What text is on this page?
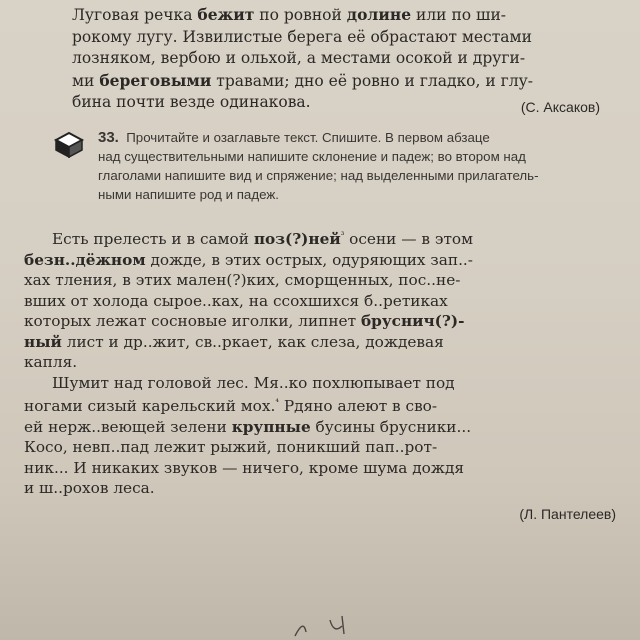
Луговая речка бежит по ровной долине или по ши-
рокому лугу. Извилистые берега её обрастают местами
лозняком, вербою и ольхой, а местами осокой и други-
ми береговыми травами; дно её ровно и гладко, и глу-
бина почти везде одинакова.	(С. Аксаков)
33. Прочитайте и озаглавьте текст. Спишите. В первом абзаце
над существительными напишите склонение и падеж; во втором над
глаголами напишите вид и спряжение; над выделенными прилагатель-
ными напишите род и падеж.
Есть прелесть и в самой поз(?)ней$^{^3}$ осени — в этом
безн..дёжном дожде, в этих острых, одуряющих зап..-
хах тления, в этих мален(?)ких, сморщенных, пос..не-
вших от холода сырое..ках, на ссохшихся б..ретиках
которых лежат сосновые иголки, липнет бруснич(?)-
ный лист и др..жит, св..ркает, как слеза, дождевая
капля.
Шумит над головой лес. Мя..ко похлюпывает под
ногами сизый карельский мох.$^{^4}$ Рдяно алеют в сво-
ей нерж..веющей зелени крупные бусины брусники...
Косо, невп..пад лежит рыжий, поникший пап..рот-
ник... И никаких звуков — ничего, кроме шума дождя
и ш..рохов леса.
(Л. Пантелеев)
